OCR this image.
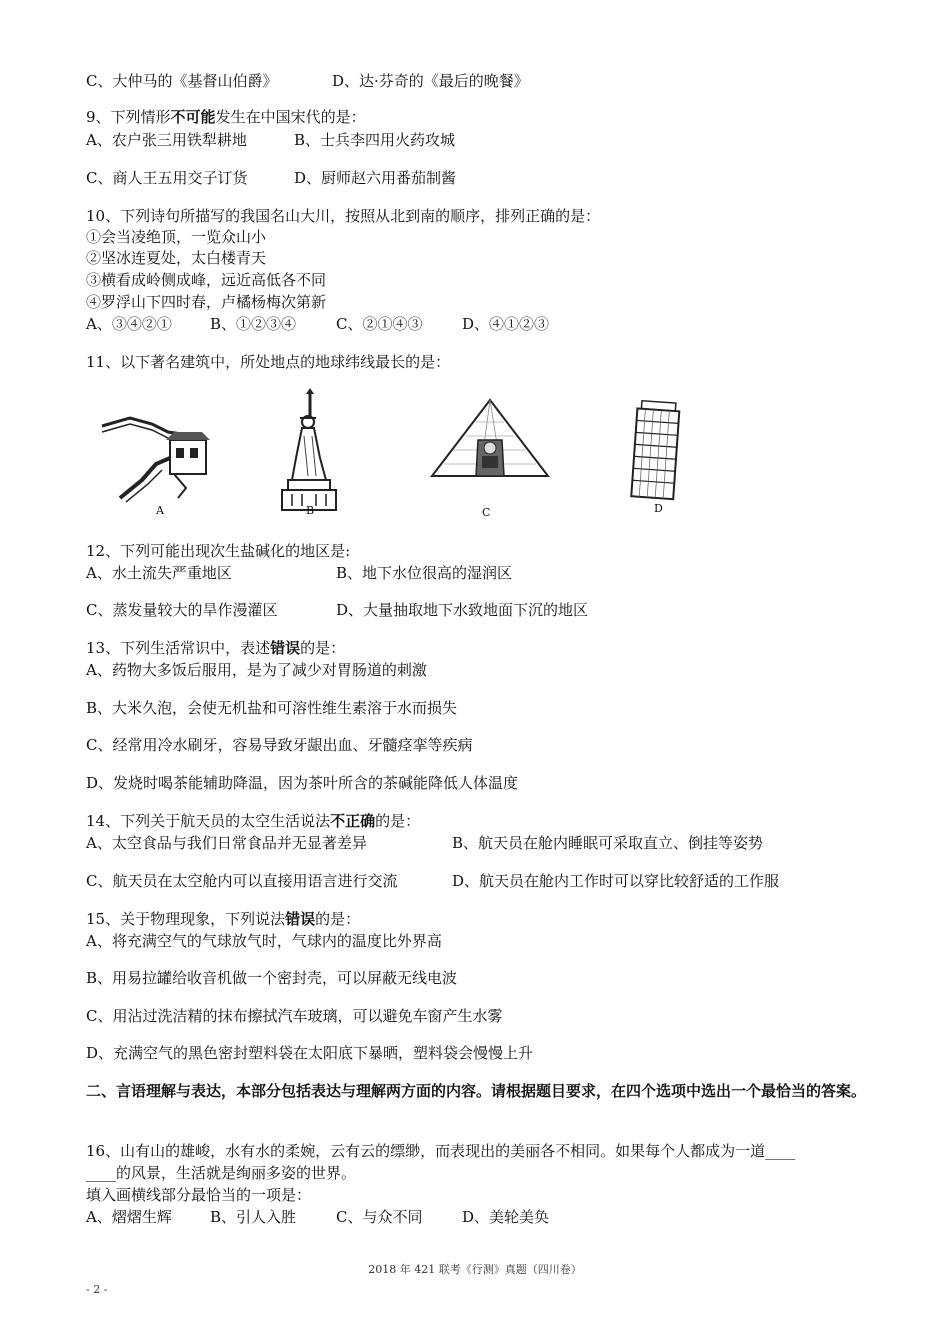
C、大仲马的《基督山伯爵》	D、达·芬奇的《最后的晚餐》
9、下列情形不可能发生在中国宋代的是：
A、农户张三用铁犁耕地	B、士兵李四用火药攻城
C、商人王五用交子订货	D、厨师赵六用番茄制酱
10、下列诗句所描写的我国名山大川，按照从北到南的顺序，排列正确的是：
①会当凌绝顶，一览众山小
②坚冰连夏处，太白楼青天
③横看成岭侧成峰，远近高低各不同
④罗浮山下四时春，卢橘杨梅次第新
A、③④②①	B、①②③④	C、②①④③	D、④①②③
11、以下著名建筑中，所处地点的地球纬线最长的是：
A	B	C	D
12、下列可能出现次生盐碱化的地区是:
A、水土流失严重地区	B、地下水位很高的湿润区
C、蒸发量较大的旱作漫灌区	D、大量抽取地下水致地面下沉的地区
13、下列生活常识中，表述错误的是：
A、药物大多饭后服用，是为了减少对胃肠道的刺激
B、大米久泡，会使无机盐和可溶性维生素溶于水而损失
C、经常用冷水刷牙，容易导致牙龈出血、牙髓痉挛等疾病
D、发烧时喝茶能辅助降温，因为茶叶所含的茶碱能降低人体温度
14、下列关于航天员的太空生活说法不正确的是：
A、太空食品与我们日常食品并无显著差异	B、航天员在舱内睡眠可采取直立、倒挂等姿势
C、航天员在太空舱内可以直接用语言进行交流	D、航天员在舱内工作时可以穿比较舒适的工作服
15、关于物理现象，下列说法错误的是：
A、将充满空气的气球放气时，气球内的温度比外界高
B、用易拉罐给收音机做一个密封壳，可以屏蔽无线电波
C、用沾过洗洁精的抹布擦拭汽车玻璃，可以避免车窗产生水雾
D、充满空气的黑色密封塑料袋在太阳底下暴晒，塑料袋会慢慢上升
二、言语理解与表达，本部分包括表达与理解两方面的内容。请根据题目要求，在四个选项中选出一个最恰当的答案。
16、山有山的雄峻，水有水的柔婉，云有云的缥缈，而表现出的美丽各不相同。如果每个人都成为一道____
____的风景，生活就是绚丽多姿的世界。
填入画横线部分最恰当的一项是：
A、熠熠生辉	B、引人入胜	C、与众不同	D、美轮美奂
2018 年 421 联考《行测》真题（四川卷）
- 2 -
